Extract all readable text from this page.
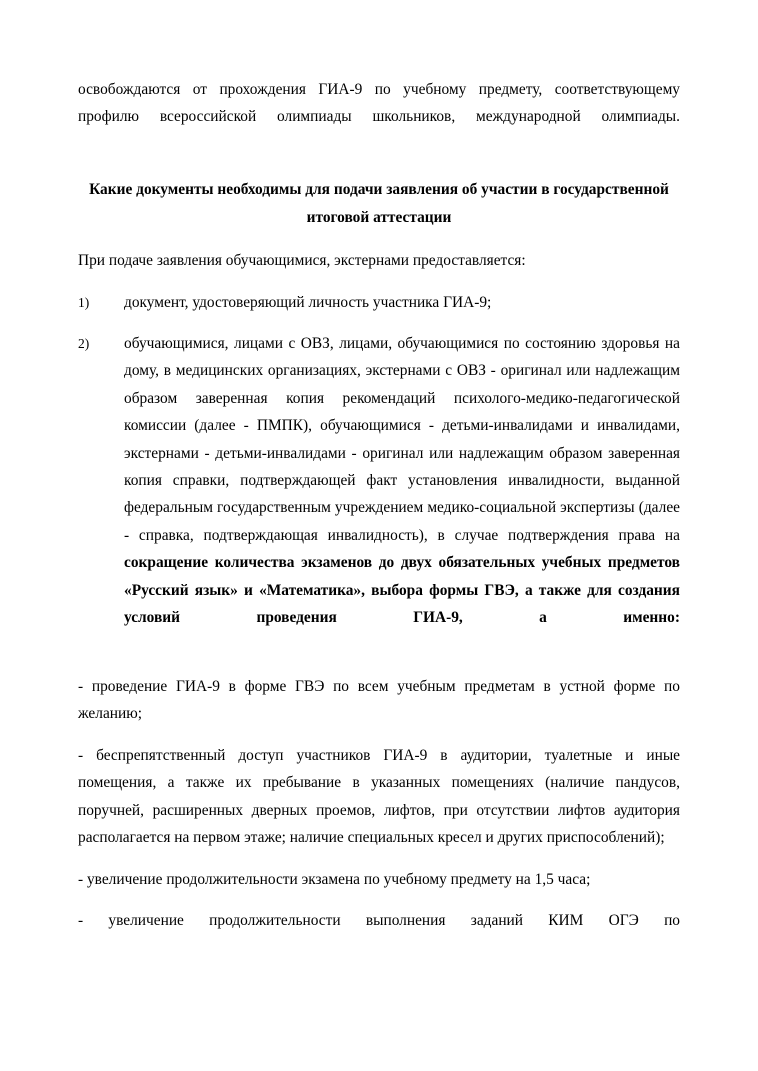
освобождаются от прохождения ГИА-9 по учебному предмету, соответствующему профилю всероссийской олимпиады школьников, международной олимпиады.

Какие документы необходимы для подачи заявления об участии в государственной итоговой аттестации

При подаче заявления обучающимися, экстернами предоставляется:

1)	документ, удостоверяющий личность участника ГИА-9;
2)	обучающимися, лицами с ОВЗ, лицами, обучающимися по состоянию здоровья на дому, в медицинских организациях, экстернами с ОВЗ - оригинал или надлежащим образом заверенная копия рекомендаций психолого-медико-педагогической комиссии (далее - ПМПК), обучающимися - детьми-инвалидами и инвалидами, экстернами - детьми-инвалидами - оригинал или надлежащим образом заверенная копия справки, подтверждающей факт установления инвалидности, выданной федеральным государственным учреждением медико-социальной экспертизы (далее - справка, подтверждающая инвалидность), в случае подтверждения права на сокращение количества экзаменов до двух обязательных учебных предметов «Русский язык» и «Математика», выбора формы ГВЭ, а также для создания условий проведения ГИА-9, а именно:

- проведение ГИА-9 в форме ГВЭ по всем учебным предметам в устной форме по желанию;

- беспрепятственный доступ участников ГИА-9 в аудитории, туалетные и иные помещения, а также их пребывание в указанных помещениях (наличие пандусов, поручней, расширенных дверных проемов, лифтов, при отсутствии лифтов аудитория располагается на первом этаже; наличие специальных кресел и других приспособлений);

- увеличение продолжительности экзамена по учебному предмету на 1,5 часа;

- увеличение продолжительности выполнения заданий КИМ ОГЭ по
